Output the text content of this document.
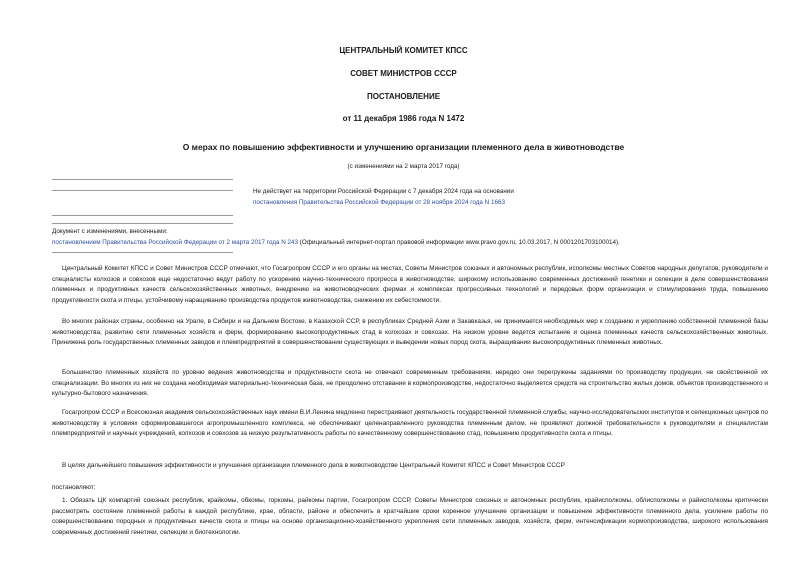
ЦЕНТРАЛЬНЫЙ КОМИТЕТ КПСС
СОВЕТ МИНИСТРОВ СССР
ПОСТАНОВЛЕНИЕ
от 11 декабря 1986 года N 1472
О мерах по повышению эффективности и улучшению организации племенного дела в животноводстве
(с изменениями на 2 марта 2017 года)
Не действует на территории Российской Федерации с 7 декабря 2024 года на основании
постановления Правительства Российской Федерации от 28 ноября 2024 года N 1663
Документ с изменениями, внесенными:
постановлением Правительства Российской Федерации от 2 марта 2017 года N 243 (Официальный интернет-портал правовой информации www.pravo.gov.ru, 10.03.2017, N 0001201703100014).
Центральный Комитет КПСС и Совет Министров СССР отмечают, что Госагропром СССР и его органы на местах, Советы Министров союзных и автономных республик, исполкомы местных Советов народных депутатов, руководители и специалисты колхозов и совхозов еще недостаточно ведут работу по ускорению научно-технического прогресса в животноводстве, широкому использованию современных достижений генетики и селекции в деле совершенствования племенных и продуктивных качеств сельскохозяйственных животных, внедрению на животноводческих фермах и комплексах прогрессивных технологий и передовых форм организации и стимулирования труда, повышению продуктивности скота и птицы, устойчивому наращиванию производства продуктов животноводства, снижению их себестоимости.
Во многих районах страны, особенно на Урале, в Сибири и на Дальнем Востоке, в Казахской ССР, в республиках Средней Азии и Закавказья, не принимается необходимых мер к созданию и укреплению собственной племенной базы животноводства, развитию сети племенных хозяйств и ферм, формированию высокопродуктивных стад в колхозах и совхозах. На низком уровне ведется испытание и оценка племенных качеств сельскохозяйственных животных. Принижена роль государственных племенных заводов и племпредприятий в совершенствовании существующих и выведении новых пород скота, выращивании высокопродуктивных племенных животных.
Большинство племенных хозяйств по уровню ведения животноводства и продуктивности скота не отвечают современным требованиям, нередко они перегружены заданиями по производству продукции, не свойственной их специализации. Во многих из них не создана необходимая материально-техническая база, не преодолено отставание в кормопроизводстве, недостаточно выделяется средств на строительство жилых домов, объектов производственного и культурно-бытового назначения.
Госагропром СССР и Всесоюзная академия сельскохозяйственных наук имени В.И.Ленина медленно перестраивают деятельность государственной племенной службы, научно-исследовательских институтов и селекционных центров по животноводству в условиях сформировавшегося агропромышленного комплекса, не обеспечивают целенаправленного руководства племенным делом, не проявляют должной требовательности к руководителям и специалистам племпредприятий и научных учреждений, колхозов и совхозов за низкую результативность работы по качественному совершенствованию стад, повышению продуктивности скота и птицы.
В целях дальнейшего повышения эффективности и улучшения организации племенного дела в животноводстве Центральный Комитет КПСС и Совет Министров СССР
постановляют:
1. Обязать ЦК компартий союзных республик, крайкомы, обкомы, горкомы, райкомы партии, Госагропром СССР, Советы Министров союзных и автономных республик, крайисполкомы, облисполкомы и райисполкомы критически рассмотреть состояние племенной работы в каждой республике, крае, области, районе и обеспечить в кратчайшие сроки коренное улучшение организации и повышение эффективности племенного дела, усиление работы по совершенствованию породных и продуктивных качеств скота и птицы на основе организационно-хозяйственного укрепления сети племенных заводов, хозяйств, ферм, интенсификации кормопроизводства, широкого использования современных достижений генетики, селекции и биотехнологии.
